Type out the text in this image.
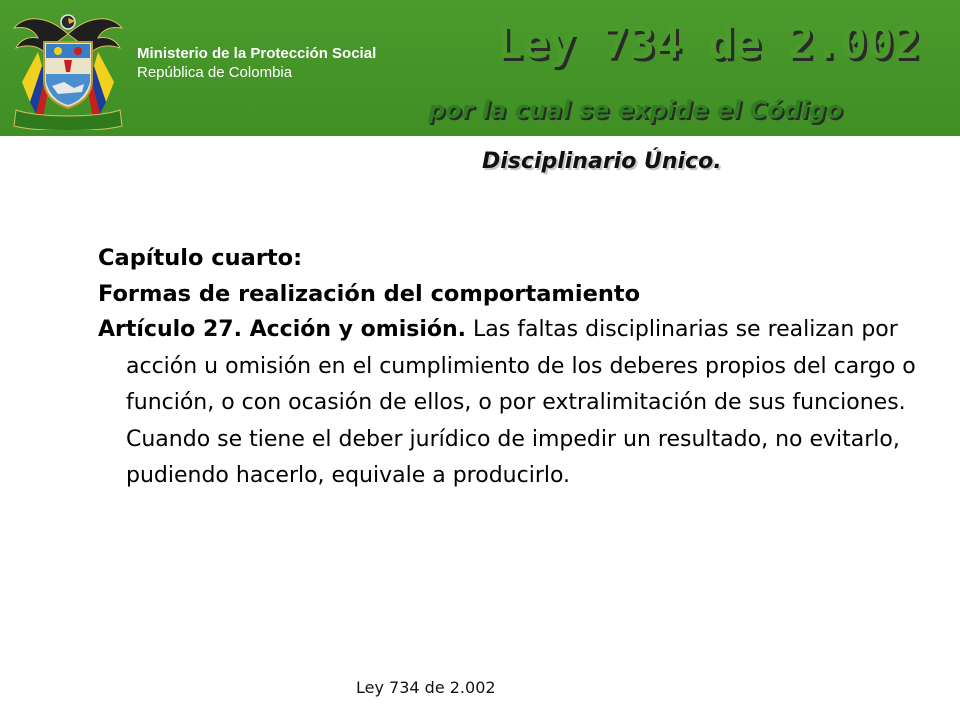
Ministerio de la Protección Social
República de Colombia
Ley 734 de 2.002
por la cual se expide el Código
Disciplinario Único.
Capítulo cuarto:
Formas de realización del comportamiento

Artículo 27. Acción y omisión. Las faltas disciplinarias se realizan por acción u omisión en el cumplimiento de los deberes propios del cargo o función, o con ocasión de ellos, o por extralimitación de sus funciones.

Cuando se tiene el deber jurídico de impedir un resultado, no evitarlo, pudiendo hacerlo, equivale a producirlo.

Ley 734 de 2.002
